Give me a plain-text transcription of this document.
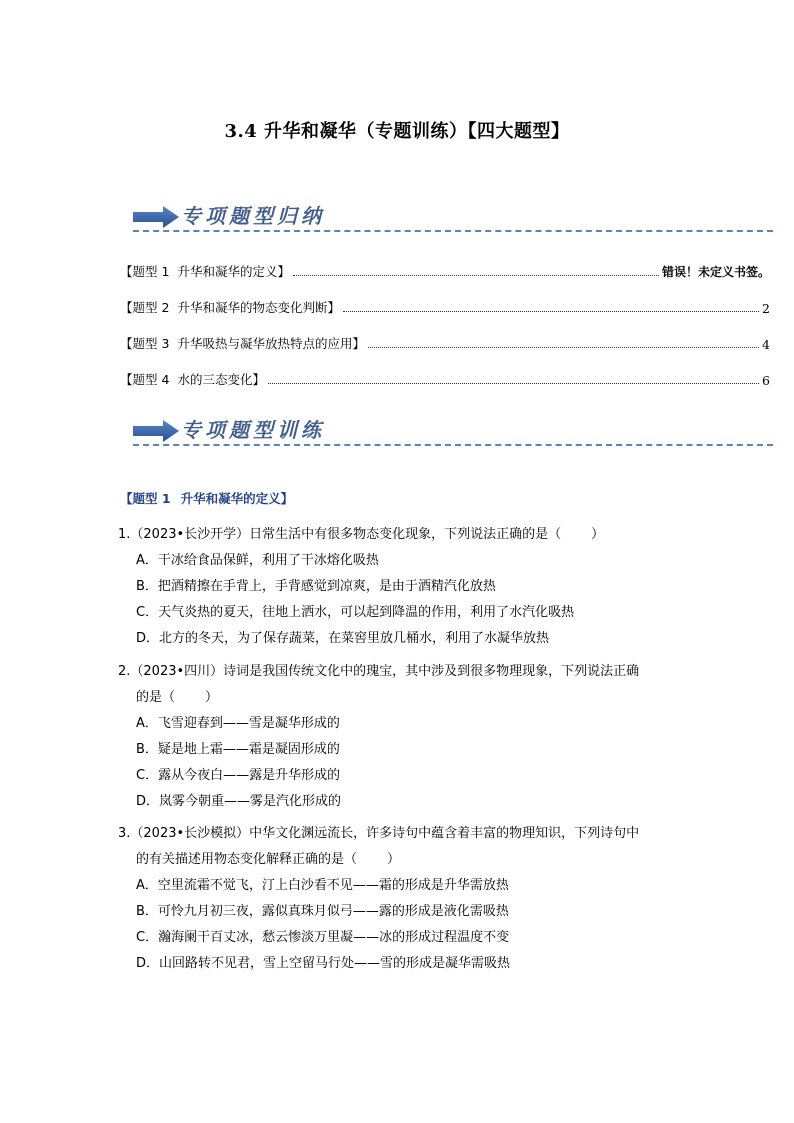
3.4 升华和凝华（专题训练）【四大题型】
专项题型归纳
【题型 1 升华和凝华的定义】	错误！未定义书签。
【题型 2 升华和凝华的物态变化判断】	2
【题型 3 升华吸热与凝华放热特点的应用】	4
【题型 4 水的三态变化】	6
专项题型训练
【题型 1 升华和凝华的定义】
1.（2023•长沙开学）日常生活中有很多物态变化现象，下列说法正确的是（ ）
A．干冰给食品保鲜，利用了干冰熔化吸热
B．把酒精擦在手背上，手背感觉到凉爽，是由于酒精汽化放热
C．天气炎热的夏天，往地上洒水，可以起到降温的作用，利用了水汽化吸热
D．北方的冬天，为了保存蔬菜，在菜窖里放几桶水，利用了水凝华放热
2.（2023•四川）诗词是我国传统文化中的瑰宝，其中涉及到很多物理现象，下列说法正确
的是（ ）
A．飞雪迎春到——雪是凝华形成的
B．疑是地上霜——霜是凝固形成的
C．露从今夜白——露是升华形成的
D．岚雾今朝重——雾是汽化形成的
3.（2023•长沙模拟）中华文化渊远流长，许多诗句中蕴含着丰富的物理知识，下列诗句中
的有关描述用物态变化解释正确的是（ ）
A．空里流霜不觉飞，汀上白沙看不见——霜的形成是升华需放热
B．可怜九月初三夜，露似真珠月似弓——露的形成是液化需吸热
C．瀚海阑干百丈冰，愁云惨淡万里凝——冰的形成过程温度不变
D．山回路转不见君，雪上空留马行处——雪的形成是凝华需吸热
